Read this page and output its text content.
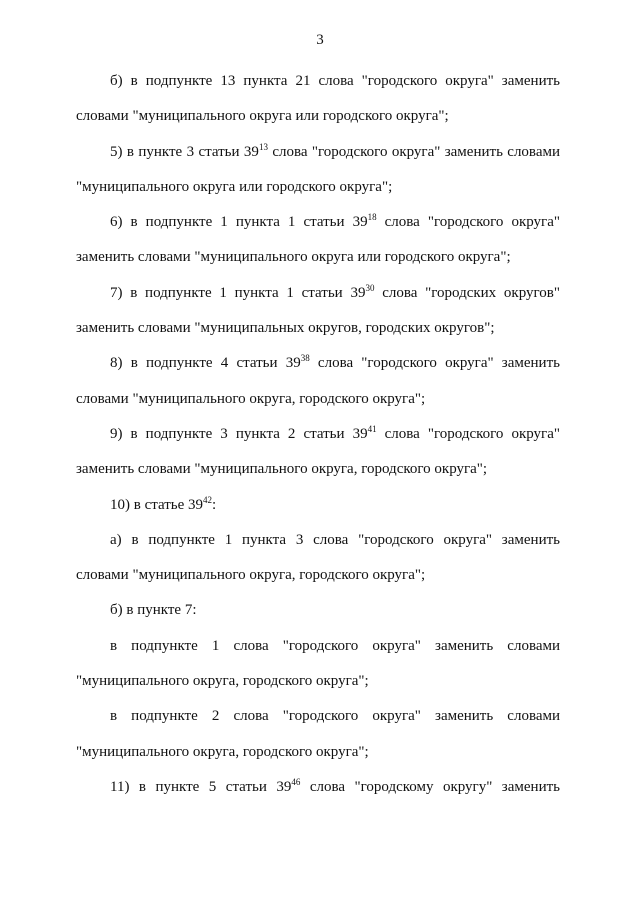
3
б) в подпункте 13 пункта 21 слова "городского округа" заменить
словами "муниципального округа или городского округа";
5) в пункте 3 статьи $39^{13}$ слова "городского округа" заменить словами
"муниципального округа или городского округа";
6) в подпункте 1 пункта 1 статьи $39^{18}$ слова "городского округа"
заменить словами "муниципального округа или городского округа";
7) в подпункте 1 пункта 1 статьи $39^{30}$ слова "городских округов"
заменить словами "муниципальных округов, городских округов";
8) в подпункте 4 статьи $39^{38}$ слова "городского округа" заменить
словами "муниципального округа, городского округа";
9) в подпункте 3 пункта 2 статьи $39^{41}$ слова "городского округа"
заменить словами "муниципального округа, городского округа";
10) в статье $39^{42}$:
а) в подпункте 1 пункта 3 слова "городского округа" заменить
словами "муниципального округа, городского округа";
б) в пункте 7:
в подпункте 1 слова "городского округа" заменить словами
"муниципального округа, городского округа";
в подпункте 2 слова "городского округа" заменить словами
"муниципального округа, городского округа";
11) в пункте 5 статьи $39^{46}$ слова "городскому округу" заменить
